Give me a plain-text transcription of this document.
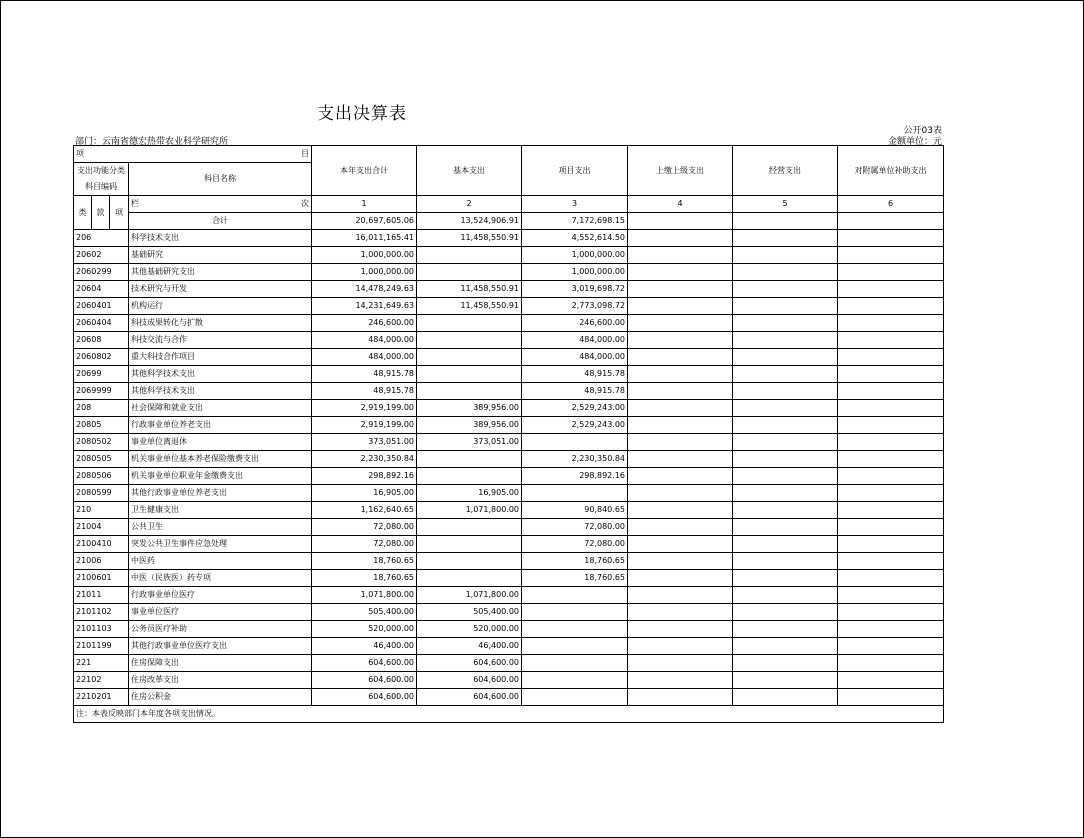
支出决算表
部门：云南省德宏热带农业科学研究所
公开03表
金额单位：元
项 目				本年支出合计	基本支出	项目支出	上缴上级支出	经营支出	对附属单位补助支出
支出功能分类科目编码			科目名称						
类	款	项	栏 次	1	2	3	4	5	6
			合计	20,697,605.06	13,524,906.91	7,172,698.15			
206			科学技术支出	16,011,165.41	11,458,550.91	4,552,614.50			
20602			基础研究	1,000,000.00		1,000,000.00			
2060299			其他基础研究支出	1,000,000.00		1,000,000.00			
20604			技术研究与开发	14,478,249.63	11,458,550.91	3,019,698.72			
2060401			机构运行	14,231,649.63	11,458,550.91	2,773,098.72			
2060404			科技成果转化与扩散	246,600.00		246,600.00			
20608			科技交流与合作	484,000.00		484,000.00			
2060802			重大科技合作项目	484,000.00		484,000.00			
20699			其他科学技术支出	48,915.78		48,915.78			
2069999			其他科学技术支出	48,915.78		48,915.78			
208			社会保障和就业支出	2,919,199.00	389,956.00	2,529,243.00			
20805			行政事业单位养老支出	2,919,199.00	389,956.00	2,529,243.00			
2080502			事业单位离退休	373,051.00	373,051.00				
2080505			机关事业单位基本养老保险缴费支出	2,230,350.84		2,230,350.84			
2080506			机关事业单位职业年金缴费支出	298,892.16		298,892.16			
2080599			其他行政事业单位养老支出	16,905.00	16,905.00				
210			卫生健康支出	1,162,640.65	1,071,800.00	90,840.65			
21004			公共卫生	72,080.00		72,080.00			
2100410			突发公共卫生事件应急处理	72,080.00		72,080.00			
21006			中医药	18,760.65		18,760.65			
2100601			中医（民族医）药专项	18,760.65		18,760.65			
21011			行政事业单位医疗	1,071,800.00	1,071,800.00				
2101102			事业单位医疗	505,400.00	505,400.00				
2101103			公务员医疗补助	520,000.00	520,000.00				
2101199			其他行政事业单位医疗支出	46,400.00	46,400.00				
221			住房保障支出	604,600.00	604,600.00				
22102			住房改革支出	604,600.00	604,600.00				
2210201			住房公积金	604,600.00	604,600.00				
注：本表反映部门本年度各项支出情况。									
